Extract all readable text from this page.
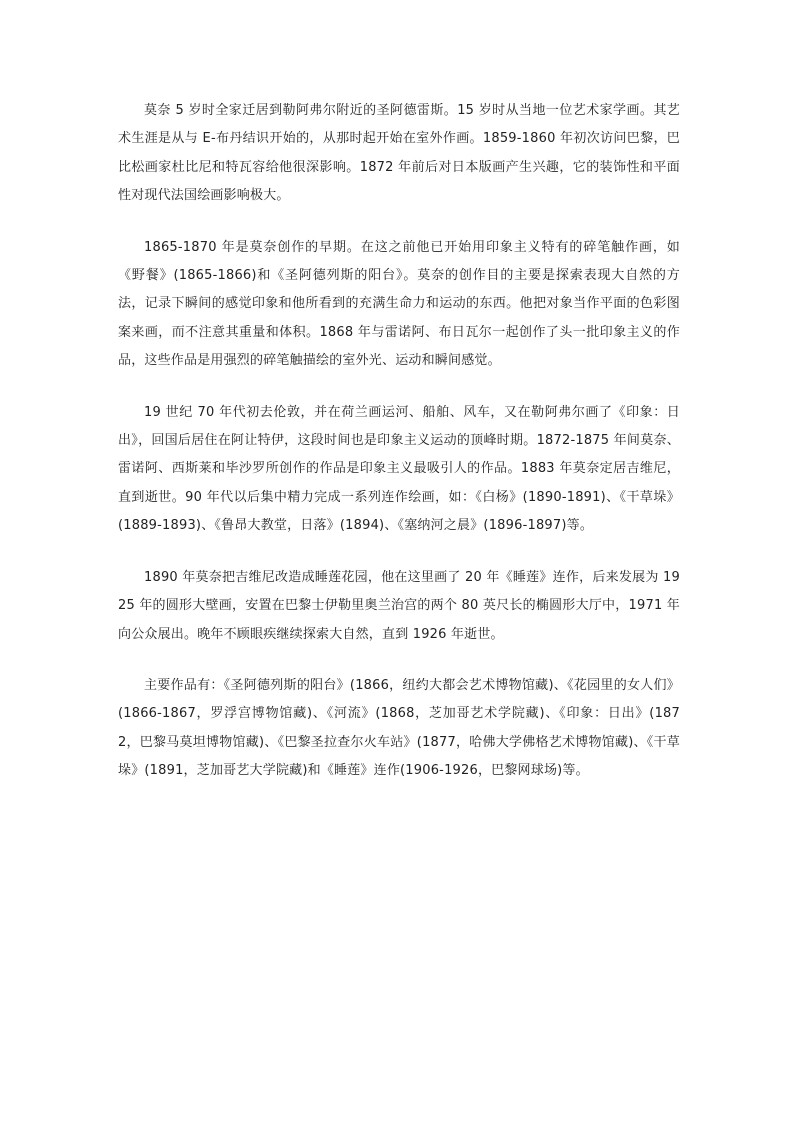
莫奈 5 岁时全家迁居到勒阿弗尔附近的圣阿德雷斯。15 岁时从当地一位艺术家学画。其艺术生涯是从与 E-布丹结识开始的，从那时起开始在室外作画。1859-1860 年初次访问巴黎，巴比松画家杜比尼和特瓦容给他很深影响。1872 年前后对日本版画产生兴趣，它的装饰性和平面性对现代法国绘画影响极大。

1865-1870 年是莫奈创作的早期。在这之前他已开始用印象主义特有的碎笔触作画，如《野餐》(1865-1866)和《圣阿德列斯的阳台》。莫奈的创作目的主要是探索表现大自然的方法，记录下瞬间的感觉印象和他所看到的充满生命力和运动的东西。他把对象当作平面的色彩图案来画，而不注意其重量和体积。1868 年与雷诺阿、布日瓦尔一起创作了头一批印象主义的作品，这些作品是用强烈的碎笔触描绘的室外光、运动和瞬间感觉。

19 世纪 70 年代初去伦敦，并在荷兰画运河、船舶、风车，又在勒阿弗尔画了《印象：日出》，回国后居住在阿让特伊，这段时间也是印象主义运动的顶峰时期。1872-1875 年间莫奈、雷诺阿、西斯莱和毕沙罗所创作的作品是印象主义最吸引人的作品。1883 年莫奈定居吉维尼，直到逝世。90 年代以后集中精力完成一系列连作绘画，如：《白杨》(1890-1891)、《干草垛》(1889-1893)、《鲁昂大教堂，日落》(1894)、《塞纳河之晨》(1896-1897)等。

1890 年莫奈把吉维尼改造成睡莲花园，他在这里画了 20 年《睡莲》连作，后来发展为 1925 年的圆形大壁画，安置在巴黎士伊勒里奥兰治宫的两个 80 英尺长的椭圆形大厅中，1971 年向公众展出。晚年不顾眼疾继续探索大自然，直到 1926 年逝世。

主要作品有：《圣阿德列斯的阳台》(1866，纽约大都会艺术博物馆藏)、《花园里的女人们》(1866-1867，罗浮宫博物馆藏)、《河流》(1868，芝加哥艺术学院藏)、《印象：日出》(1872，巴黎马莫坦博物馆藏)、《巴黎圣拉查尔火车站》(1877，哈佛大学佛格艺术博物馆藏)、《干草垛》(1891，芝加哥艺大学院藏)和《睡莲》连作(1906-1926，巴黎网球场)等。
